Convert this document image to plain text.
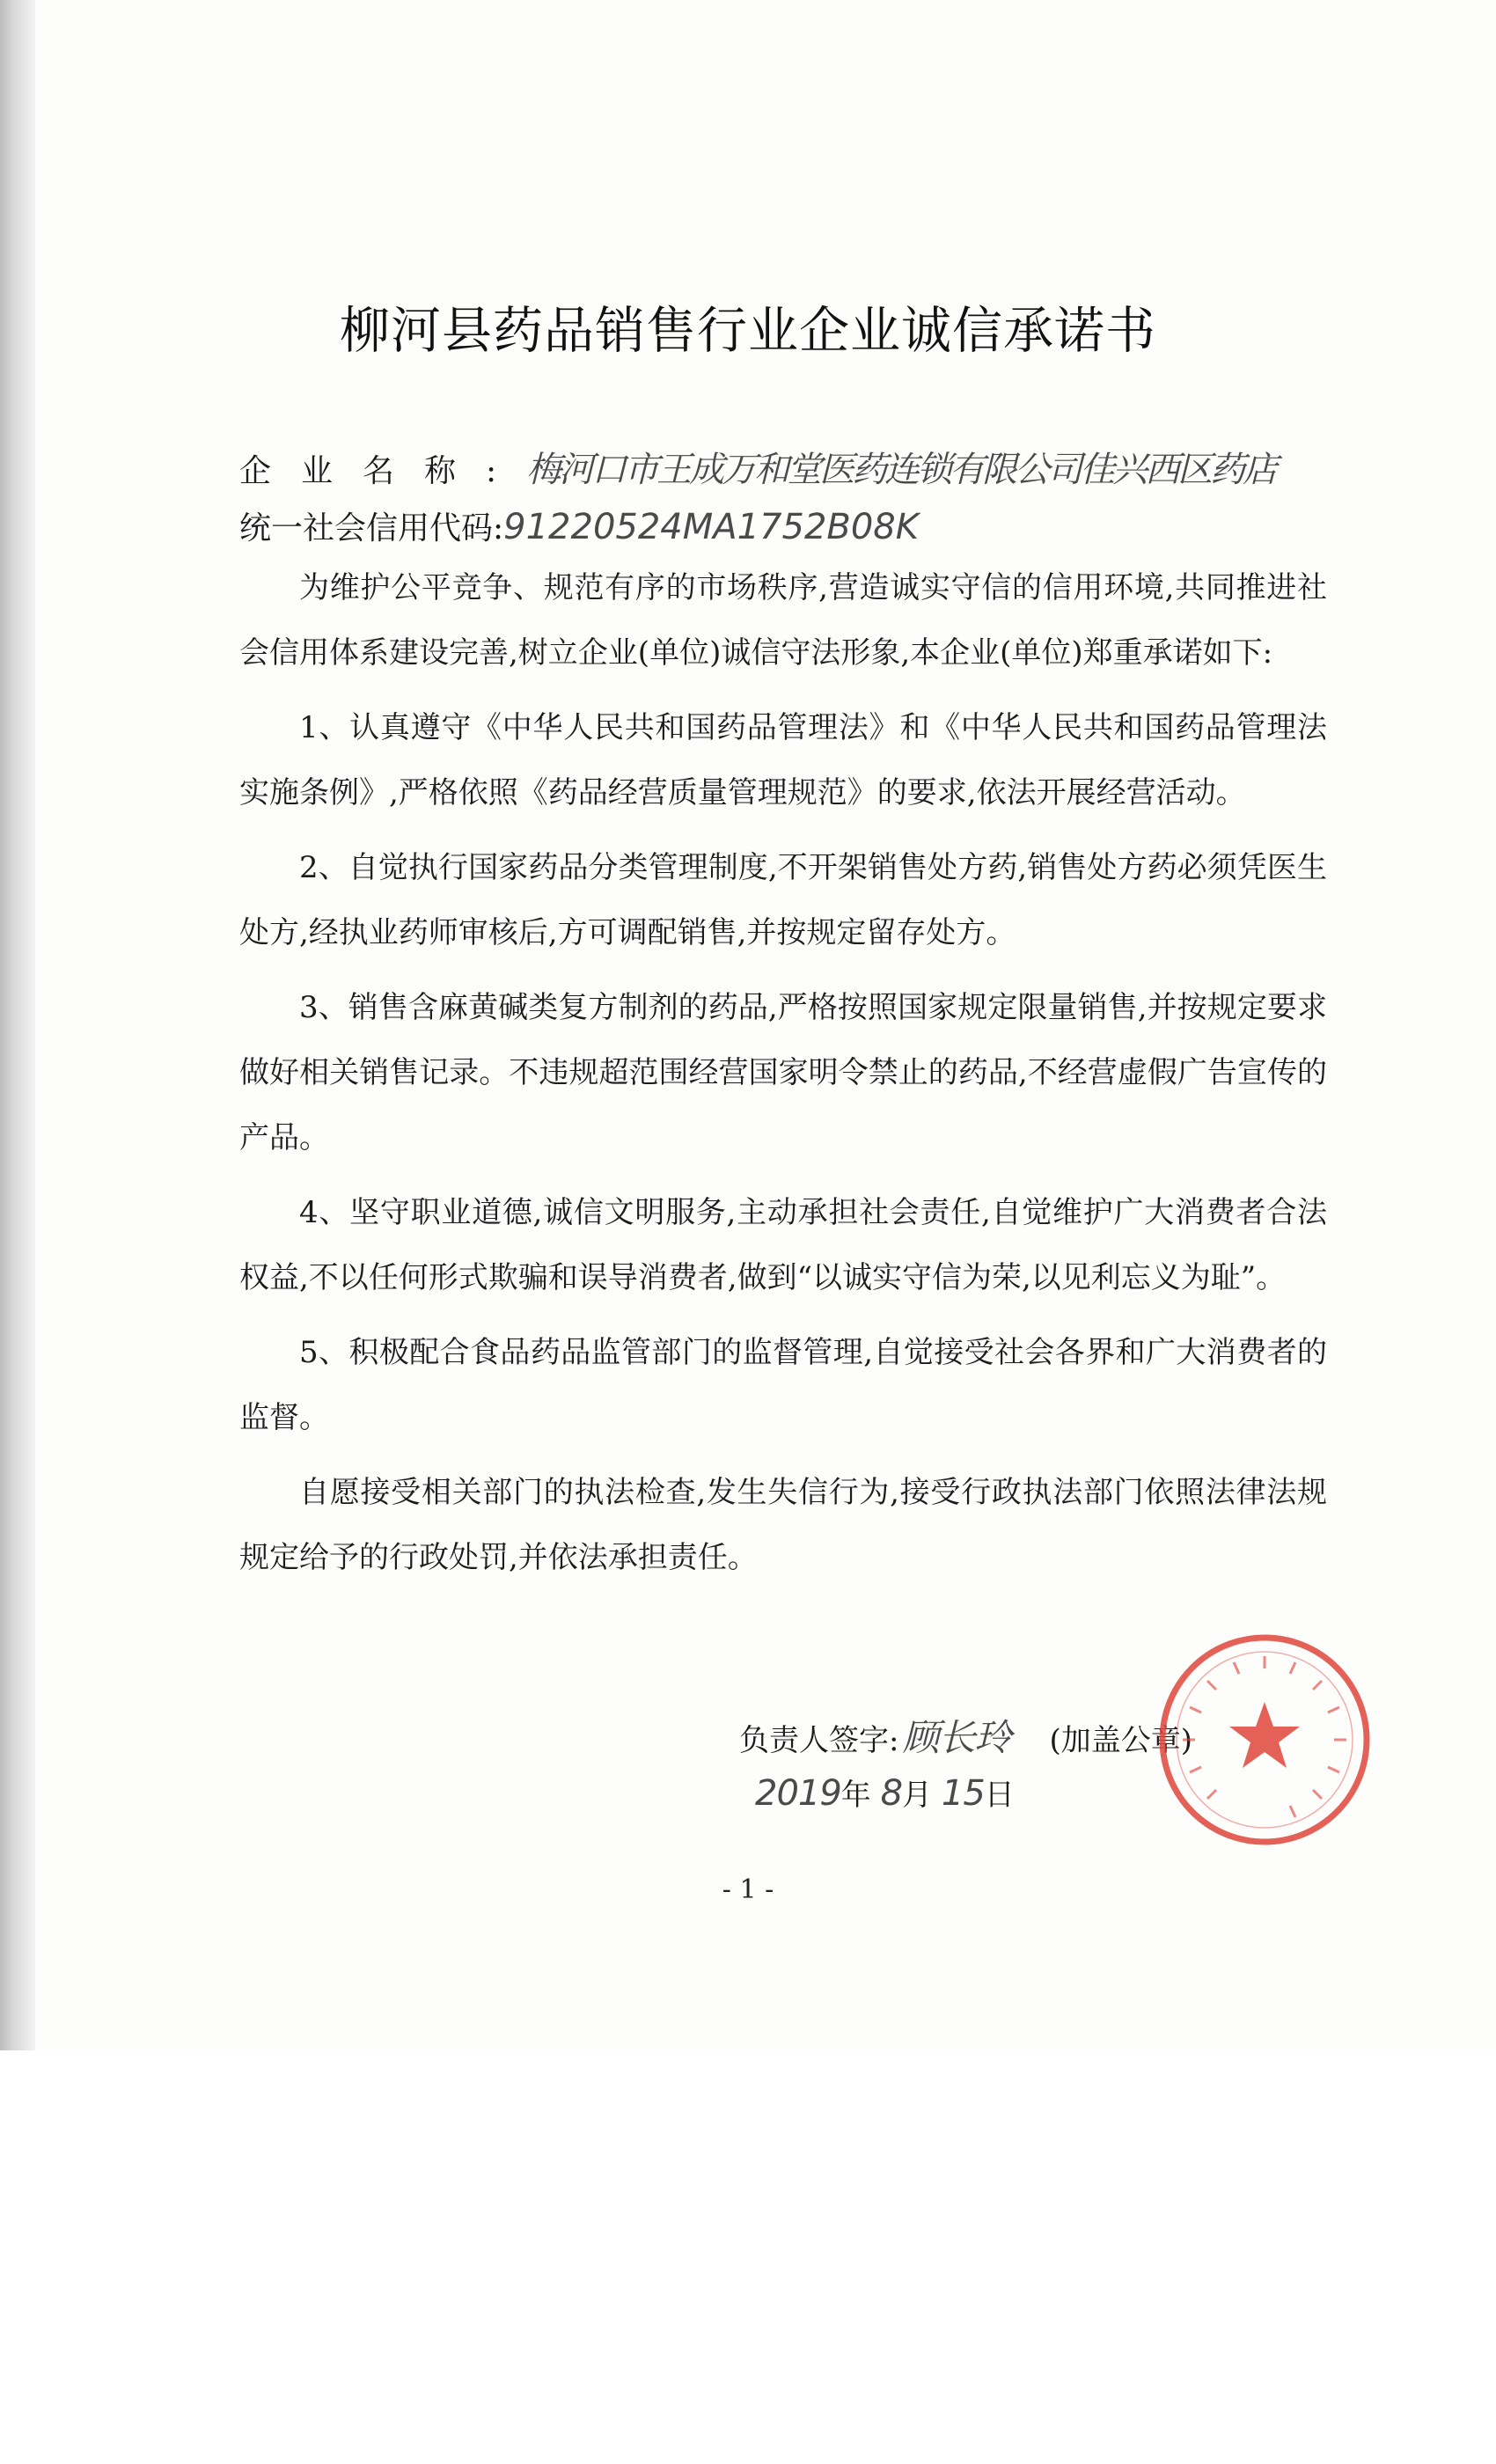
柳河县药品销售行业企业诚信承诺书
企业名称:梅河口市王成万和堂医药连锁有限公司佳兴西区药店
统一社会信用代码:91220524MA1752B08K

为维护公平竞争、规范有序的市场秩序,营造诚实守信的信用环境,共同推进社会信用体系建设完善,树立企业(单位)诚信守法形象,本企业(单位)郑重承诺如下:

1、认真遵守《中华人民共和国药品管理法》和《中华人民共和国药品管理法实施条例》,严格依照《药品经营质量管理规范》的要求,依法开展经营活动。

2、自觉执行国家药品分类管理制度,不开架销售处方药,销售处方药必须凭医生处方,经执业药师审核后,方可调配销售,并按规定留存处方。

3、销售含麻黄碱类复方制剂的药品,严格按照国家规定限量销售,并按规定要求做好相关销售记录。不违规超范围经营国家明令禁止的药品,不经营虚假广告宣传的产品。

4、坚守职业道德,诚信文明服务,主动承担社会责任,自觉维护广大消费者合法权益,不以任何形式欺骗和误导消费者,做到“以诚实守信为荣,以见利忘义为耻”。

5、积极配合食品药品监管部门的监督管理,自觉接受社会各界和广大消费者的监督。

自愿接受相关部门的执法检查,发生失信行为,接受行政执法部门依照法律法规规定给予的行政处罚,并依法承担责任。

负责人签字:顾长玲 (加盖公章)
2019年 8月 15日
- 1 -
